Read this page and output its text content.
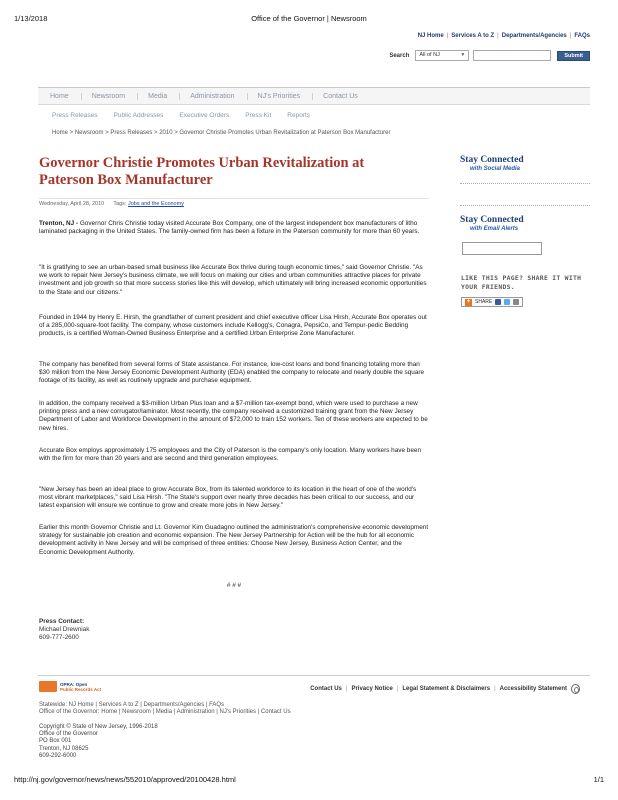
1/13/2018	Office of the Governor | Newsroom
NJ Home | Services A to Z | Departments/Agencies | FAQs
Search	All of NJ	▼	Submit
Home	Newsroom	Media	Administration	NJ's Priorities	Contact Us
Press Releases Public Addresses Executive Orders Press Kit Reports
Home > Newsroom > Press Releases > 2010 > Governor Christie Promotes Urban Revitalization at Paterson Box Manufacturer
Governor Christie Promotes Urban Revitalization at Paterson Box Manufacturer
Wednesday, April 28, 2010 Tags: Jobs and the Economy

Trenton, NJ - Governor Chris Christie today visited Accurate Box Company, one of the largest independent box manufacturers of litho laminated packaging in the United States. The family-owned firm has been a fixture in the Paterson community for more than 60 years.

"It is gratifying to see an urban-based small business like Accurate Box thrive during tough economic times," said Governor Christie. "As we work to repair New Jersey's business climate, we will focus on making our cities and urban communities attractive places for private investment and job growth so that more success stories like this will develop, which ultimately will bring increased economic opportunities to the State and our citizens."

Founded in 1944 by Henry E. Hirsh, the grandfather of current president and chief executive officer Lisa Hirsh, Accurate Box operates out of a 285,000-square-foot facility. The company, whose customers include Kellogg's, Conagra, PepsiCo, and Tempur-pedic Bedding products, is a certified Woman-Owned Business Enterprise and a certified Urban Enterprise Zone Manufacturer.

The company has benefited from several forms of State assistance. For instance, low-cost loans and bond financing totaling more than $30 million from the New Jersey Economic Development Authority (EDA) enabled the company to relocate and nearly double the square footage of its facility, as well as routinely upgrade and purchase equipment.

In addition, the company received a $3-million Urban Plus loan and a $7-million tax-exempt bond, which were used to purchase a new printing press and a new corrugator/laminator. Most recently, the company received a customized training grant from the New Jersey Department of Labor and Workforce Development in the amount of $72,000 to train 152 workers. Ten of these workers are expected to be new hires.

Accurate Box employs approximately 175 employees and the City of Paterson is the company's only location. Many workers have been with the firm for more than 20 years and are second and third generation employees.

"New Jersey has been an ideal place to grow Accurate Box, from its talented workforce to its location in the heart of one of the world's most vibrant marketplaces," said Lisa Hirsh. "The State's support over nearly three decades has been critical to our success, and our latest expansion will ensure we continue to grow and create more jobs in New Jersey."

Earlier this month Governor Christie and Lt. Governor Kim Guadagno outlined the administration's comprehensive economic development strategy for sustainable job creation and economic expansion. The New Jersey Partnership for Action will be the hub for all economic development activity in New Jersey and will be comprised of three entities: Choose New Jersey, Business Action Center, and the Economic Development Authority.

# # #

Press Contact:
Michael Drewniak
609-777-2600
Stay Connected
with Social Media
Stay Connected
with Email Alerts
LIKE THIS PAGE? SHARE IT WITH YOUR FRIENDS.
+ SHARE
OPRA: Open
Public Records Act	Contact Us | Privacy Notice | Legal Statement & Disclaimers | Accessibility Statement
Statewide: NJ Home | Services A to Z | Departments/Agencies | FAQs
Office of the Governor: Home | Newsroom | Media | Administration | NJ's Priorities | Contact Us
Copyright © State of New Jersey, 1996-2018
Office of the Governor
PO Box 001
Trenton, NJ 08625
609-292-6000
http://nj.gov/governor/news/news/552010/approved/20100428.html	1/1
